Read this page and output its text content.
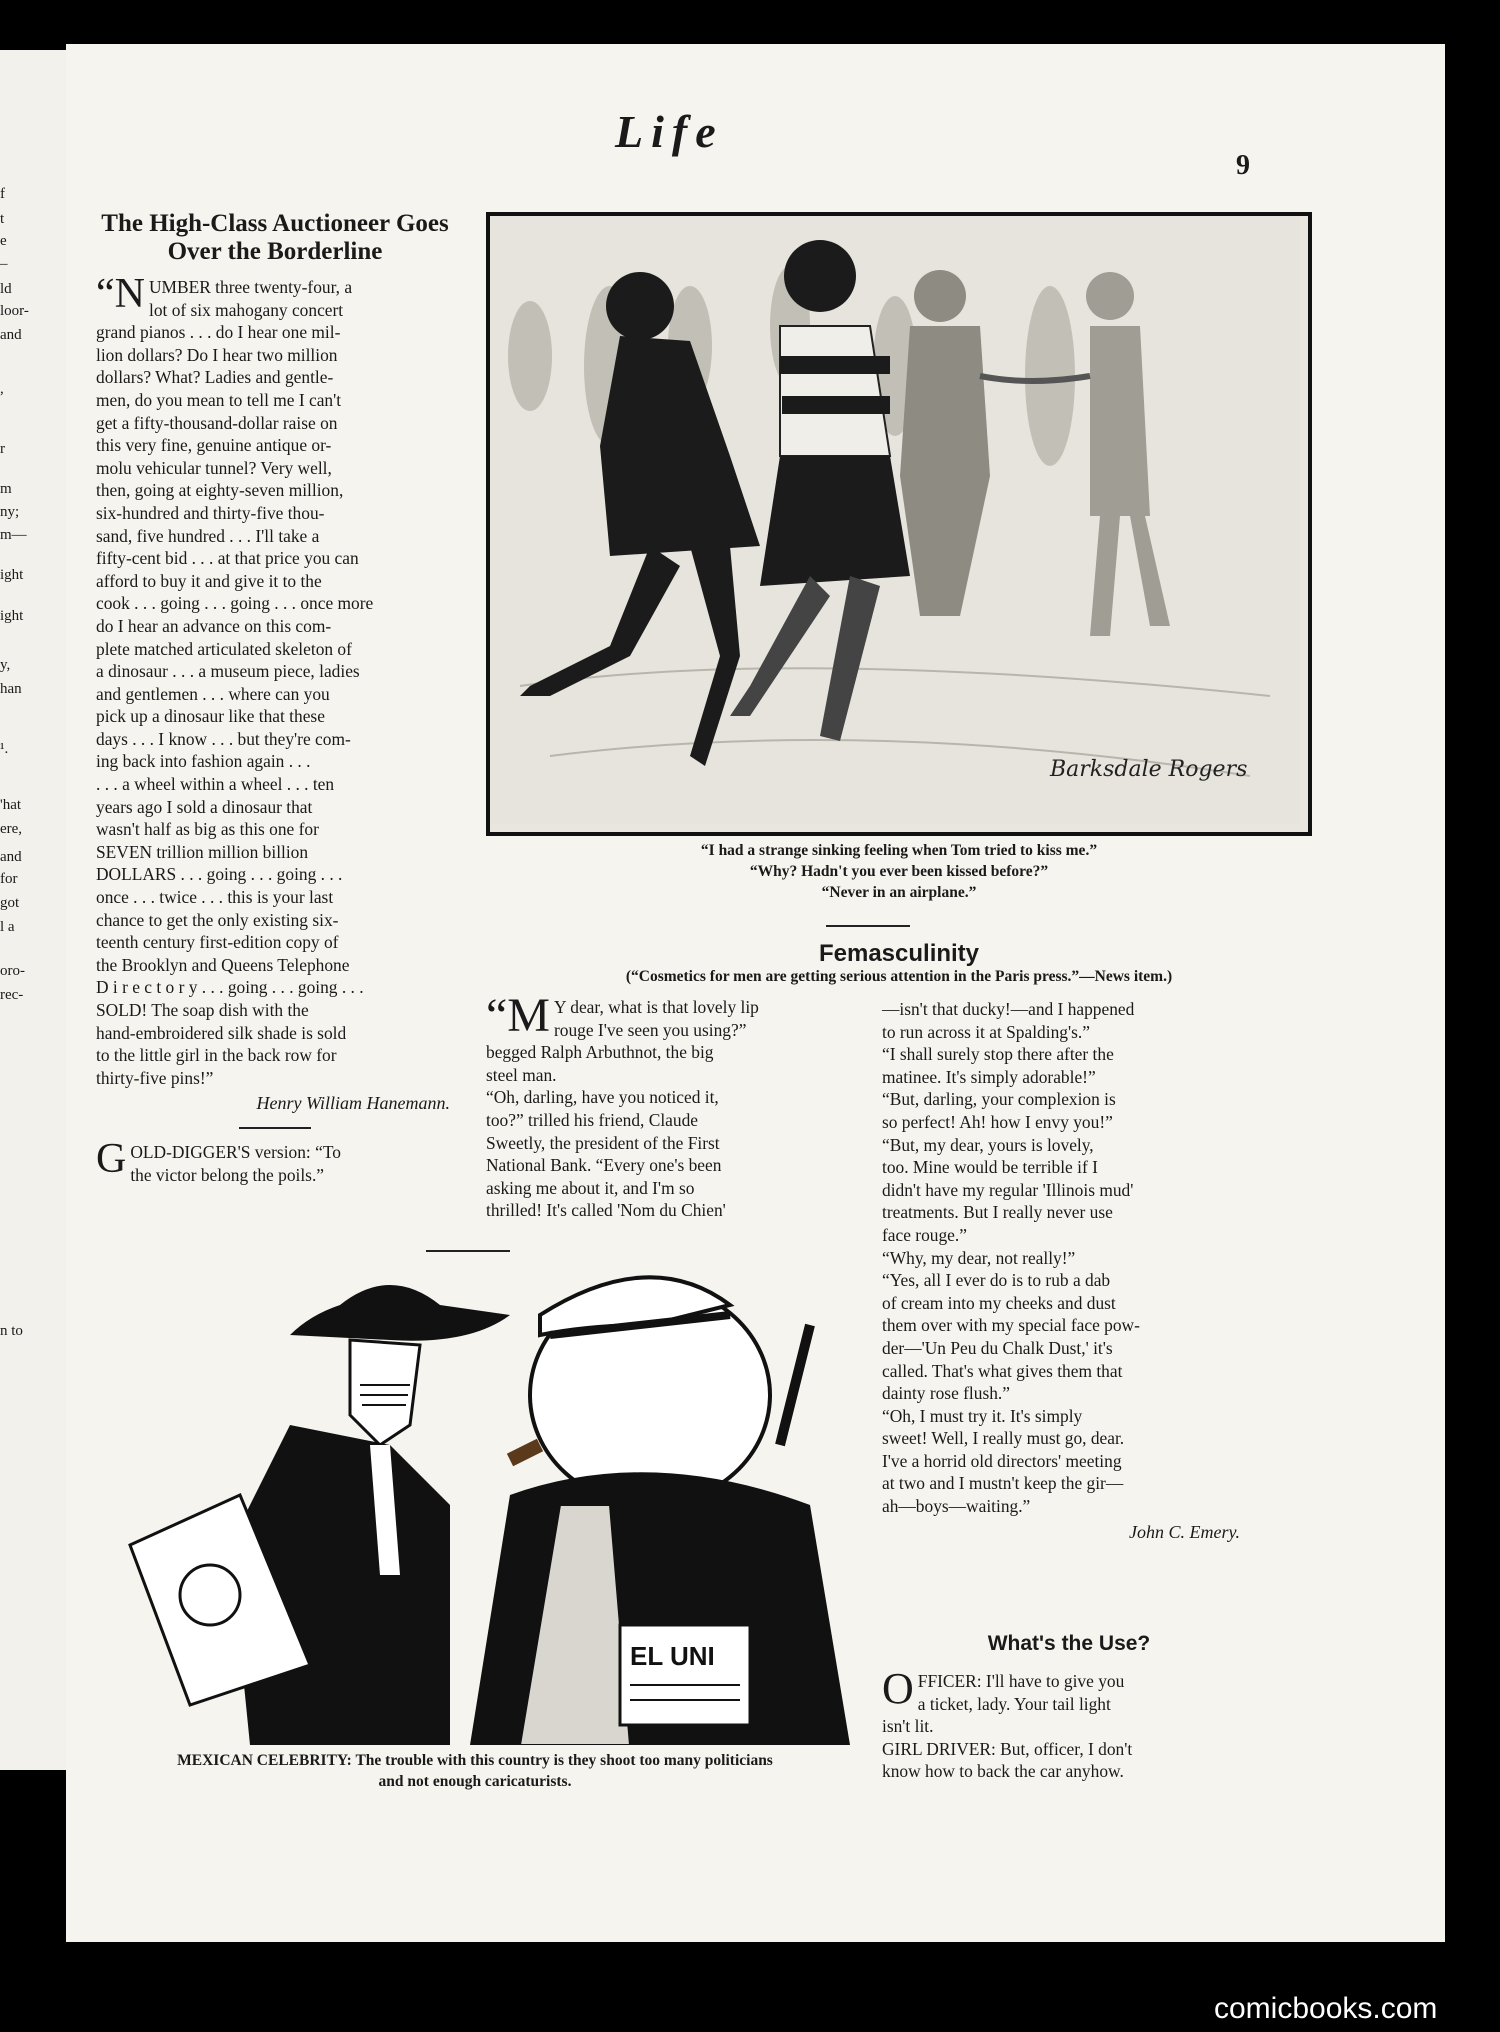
f
t
e
–
ld
loor-
and
,
r
m
ny;
m—
ight
ight
y,
han
¹.
'hat
ere,
and
for
got
l a
oro-
rec-
n to
Life
9
The High-Class Auctioneer Goes Over the Borderline
“N UMBER three twenty-four, a
lot of six mahogany concert
grand pianos . . . do I hear one mil-
lion dollars? Do I hear two million
dollars? What? Ladies and gentle-
men, do you mean to tell me I can't
get a fifty-thousand-dollar raise on
this very fine, genuine antique or-
molu vehicular tunnel? Very well,
then, going at eighty-seven million,
six-hundred and thirty-five thou-
sand, five hundred . . . I'll take a
fifty-cent bid . . . at that price you can
afford to buy it and give it to the
cook . . . going . . . going . . . once more
do I hear an advance on this com-
plete matched articulated skeleton of
a dinosaur . . . a museum piece, ladies
and gentlemen . . . where can you
pick up a dinosaur like that these
days . . . I know . . . but they're com-
ing back into fashion again . . .
. . . a wheel within a wheel . . . ten
years ago I sold a dinosaur that
wasn't half as big as this one for
SEVEN trillion million billion
DOLLARS . . . going . . . going . . .
once . . . twice . . . this is your last
chance to get the only existing six-
teenth century first-edition copy of
the Brooklyn and Queens Telephone
D i r e c t o r y . . . going . . . going . . .
SOLD! The soap dish with the
hand-embroidered silk shade is sold
to the little girl in the back row for
thirty-five pins!”
Henry William Hanemann.
G OLD-DIGGER'S version: “To
the victor belong the poils.”
Barksdale Rogers
“I had a strange sinking feeling when Tom tried to kiss me.”
“Why? Hadn't you ever been kissed before?”
“Never in an airplane.”
Femasculinity
(“Cosmetics for men are getting serious attention in the Paris press.”—News item.)
“M Y dear, what is that lovely lip
rouge I've seen you using?”
begged Ralph Arbuthnot, the big
steel man.
“Oh, darling, have you noticed it,
too?” trilled his friend, Claude
Sweetly, the president of the First
National Bank. “Every one's been
asking me about it, and I'm so
thrilled! It's called 'Nom du Chien'
—isn't that ducky!—and I happened
to run across it at Spalding's.”
“I shall surely stop there after the
matinee. It's simply adorable!”
“But, darling, your complexion is
so perfect! Ah! how I envy you!”
“But, my dear, yours is lovely,
too. Mine would be terrible if I
didn't have my regular 'Illinois mud'
treatments. But I really never use
face rouge.”
“Why, my dear, not really!”
“Yes, all I ever do is to rub a dab
of cream into my cheeks and dust
them over with my special face pow-
der—'Un Peu du Chalk Dust,' it's
called. That's what gives them that
dainty rose flush.”
“Oh, I must try it. It's simply
sweet! Well, I really must go, dear.
I've a horrid old directors' meeting
at two and I mustn't keep the gir—
ah—boys—waiting.”
John C. Emery.
What's the Use?
O FFICER: I'll have to give you
a ticket, lady. Your tail light
isn't lit.
GIRL DRIVER: But, officer, I don't
know how to back the car anyhow.
EL UNI
MEXICAN CELEBRITY: The trouble with this country is they shoot too many politicians
and not enough caricaturists.
comicbooks.com
